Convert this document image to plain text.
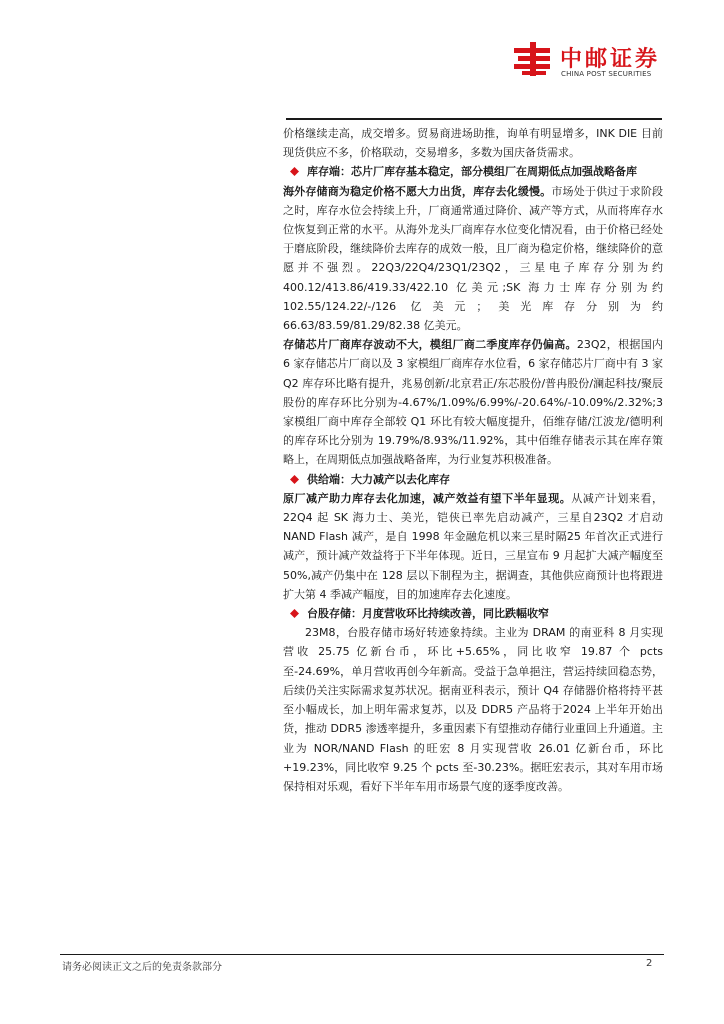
中邮证券
CHINA POST SECURITIES

价格继续走高，成交增多。贸易商进场助推，询单有明显增多，INK DIE 目前现货供应不多，价格联动，交易增多，多数为国庆备货需求。

库存端：芯片厂库存基本稳定，部分模组厂在周期低点加强战略备库

海外存储商为稳定价格不愿大力出货，库存去化缓慢。市场处于供过于求阶段之时，库存水位会持续上升，厂商通常通过降价、减产等方式，从而将库存水位恢复到正常的水平。从海外龙头厂商库存水位变化情况看，由于价格已经处于磨底阶段，继续降价去库存的成效一般，且厂商为稳定价格，继续降价的意愿并不强烈。22Q3/22Q4/23Q1/23Q2，三星电子库存分别为约400.12/413.86/419.33/422.10 亿美元;SK 海力士库存分别为约102.55/124.22/-/126 亿美元；美光库存分别为约66.63/83.59/81.29/82.38 亿美元。

存储芯片厂商库存波动不大，模组厂商二季度库存仍偏高。23Q2，根据国内 6 家存储芯片厂商以及 3 家模组厂商库存水位看，6 家存储芯片厂商中有 3 家 Q2 库存环比略有提升，兆易创新/北京君正/东芯股份/普冉股份/澜起科技/聚辰股份的库存环比分别为-4.67%/1.09%/6.99%/-20.64%/-10.09%/2.32%;3 家模组厂商中库存全部较 Q1 环比有较大幅度提升，佰维存储/江波龙/德明利的库存环比分别为 19.79%/8.93%/11.92%，其中佰维存储表示其在库存策略上，在周期低点加强战略备库，为行业复苏积极准备。

供给端：大力减产以去化库存

原厂减产助力库存去化加速，减产效益有望下半年显现。从减产计划来看，22Q4 起 SK 海力士、美光，铠侠已率先启动减产，三星自23Q2 才启动 NAND Flash 减产，是自 1998 年金融危机以来三星时隔25 年首次正式进行减产，预计减产效益将于下半年体现。近日，三星宣布 9 月起扩大减产幅度至 50%,减产仍集中在 128 层以下制程为主，据调查，其他供应商预计也将跟进扩大第 4 季减产幅度，目的加速库存去化速度。

台股存储：月度营收环比持续改善，同比跌幅收窄

23M8，台股存储市场好转迹象持续。主业为 DRAM 的南亚科 8 月实现营收 25.75 亿新台币，环比+5.65%，同比收窄 19.87 个 pcts 至-24.69%，单月营收再创今年新高。受益于急单挹注，营运持续回稳态势，后续仍关注实际需求复苏状况。据南亚科表示，预计 Q4 存储器价格将持平甚至小幅成长，加上明年需求复苏，以及 DDR5 产品将于2024 上半年开始出货，推动 DDR5 渗透率提升，多重因素下有望推动存储行业重回上升通道。主业为 NOR/NAND Flash 的旺宏 8 月实现营收 26.01 亿新台币，环比+19.23%，同比收窄 9.25 个 pcts 至-30.23%。据旺宏表示，其对车用市场保持相对乐观，看好下半年车用市场景气度的逐季度改善。

请务必阅读正文之后的免责条款部分	2
